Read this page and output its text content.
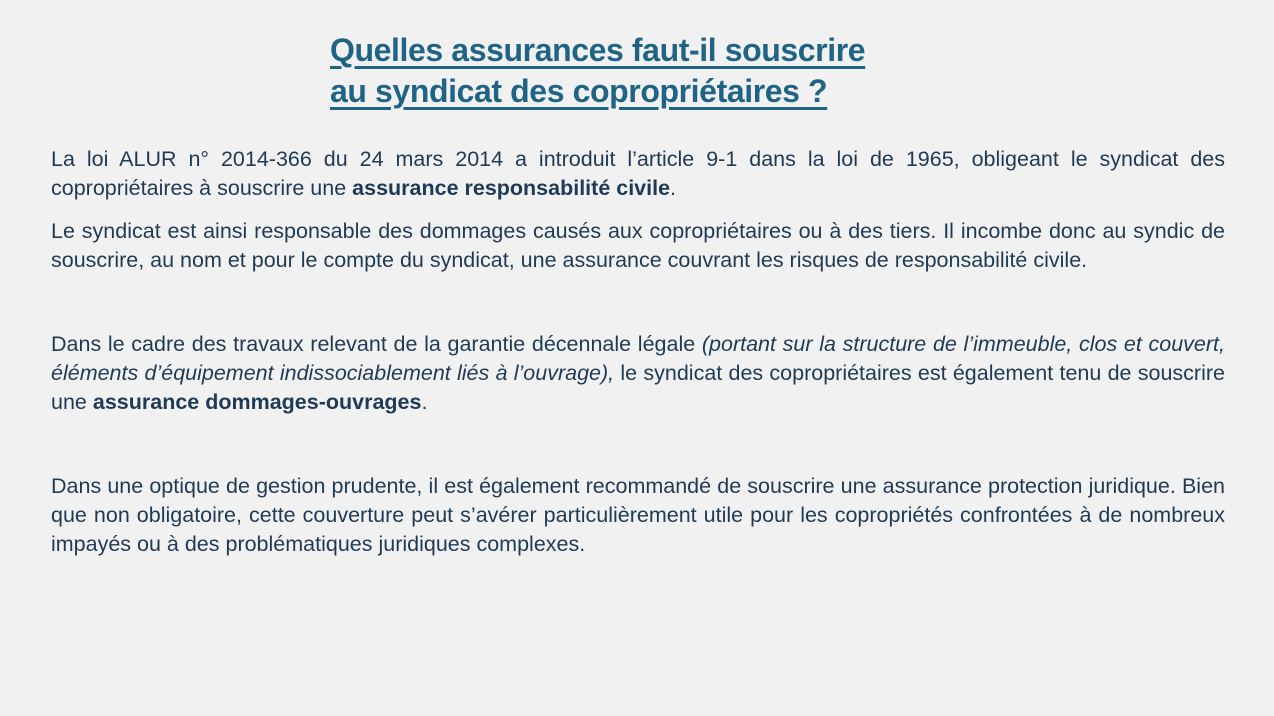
Quelles assurances faut-il souscrire
au syndicat des copropriétaires ?

La loi ALUR n° 2014-366 du 24 mars 2014 a introduit l’article 9-1 dans la loi de 1965, obligeant le syndicat des copropriétaires à souscrire une assurance responsabilité civile.

Le syndicat est ainsi responsable des dommages causés aux copropriétaires ou à des tiers. Il incombe donc au syndic de souscrire, au nom et pour le compte du syndicat, une assurance couvrant les risques de responsabilité civile.

Dans le cadre des travaux relevant de la garantie décennale légale (portant sur la structure de l’immeuble, clos et couvert, éléments d’équipement indissociablement liés à l’ouvrage), le syndicat des copropriétaires est également tenu de souscrire une assurance dommages-ouvrages.

Dans une optique de gestion prudente, il est également recommandé de souscrire une assurance protection juridique. Bien que non obligatoire, cette couverture peut s’avérer particulièrement utile pour les copropriétés confrontées à de nombreux impayés ou à des problématiques juridiques complexes.
